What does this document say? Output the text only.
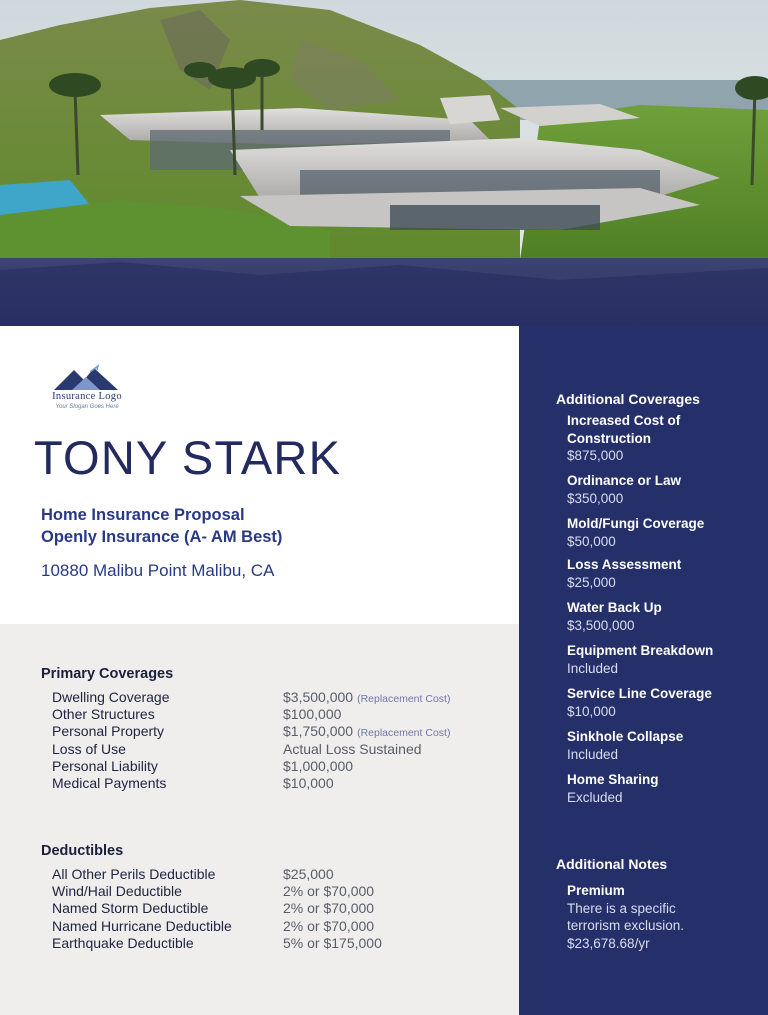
Insurance Logo
Your Slogan Goes Here
TONY STARK
Home Insurance Proposal
Openly Insurance (A- AM Best)
10880 Malibu Point Malibu, CA
Primary Coverages
Dwelling Coverage	$3,500,000 (Replacement Cost)
Other Structures	$100,000
Personal Property	$1,750,000 (Replacement Cost)
Loss of Use	Actual Loss Sustained
Personal Liability	$1,000,000
Medical Payments	$10,000
Deductibles
All Other Perils Deductible	$25,000
Wind/Hail Deductible	2% or $70,000
Named Storm Deductible	2% or $70,000
Named Hurricane Deductible	2% or $70,000
Earthquake Deductible	5% or $175,000
Additional Coverages
Increased Cost of Construction
$875,000
Ordinance or Law
$350,000
Mold/Fungi Coverage
$50,000
Loss Assessment
$25,000
Water Back Up
$3,500,000
Equipment Breakdown
Included
Service Line Coverage
$10,000
Sinkhole Collapse
Included
Home Sharing
Excluded
Additional Notes
Premium
There is a specific terrorism exclusion. $23,678.68/yr
